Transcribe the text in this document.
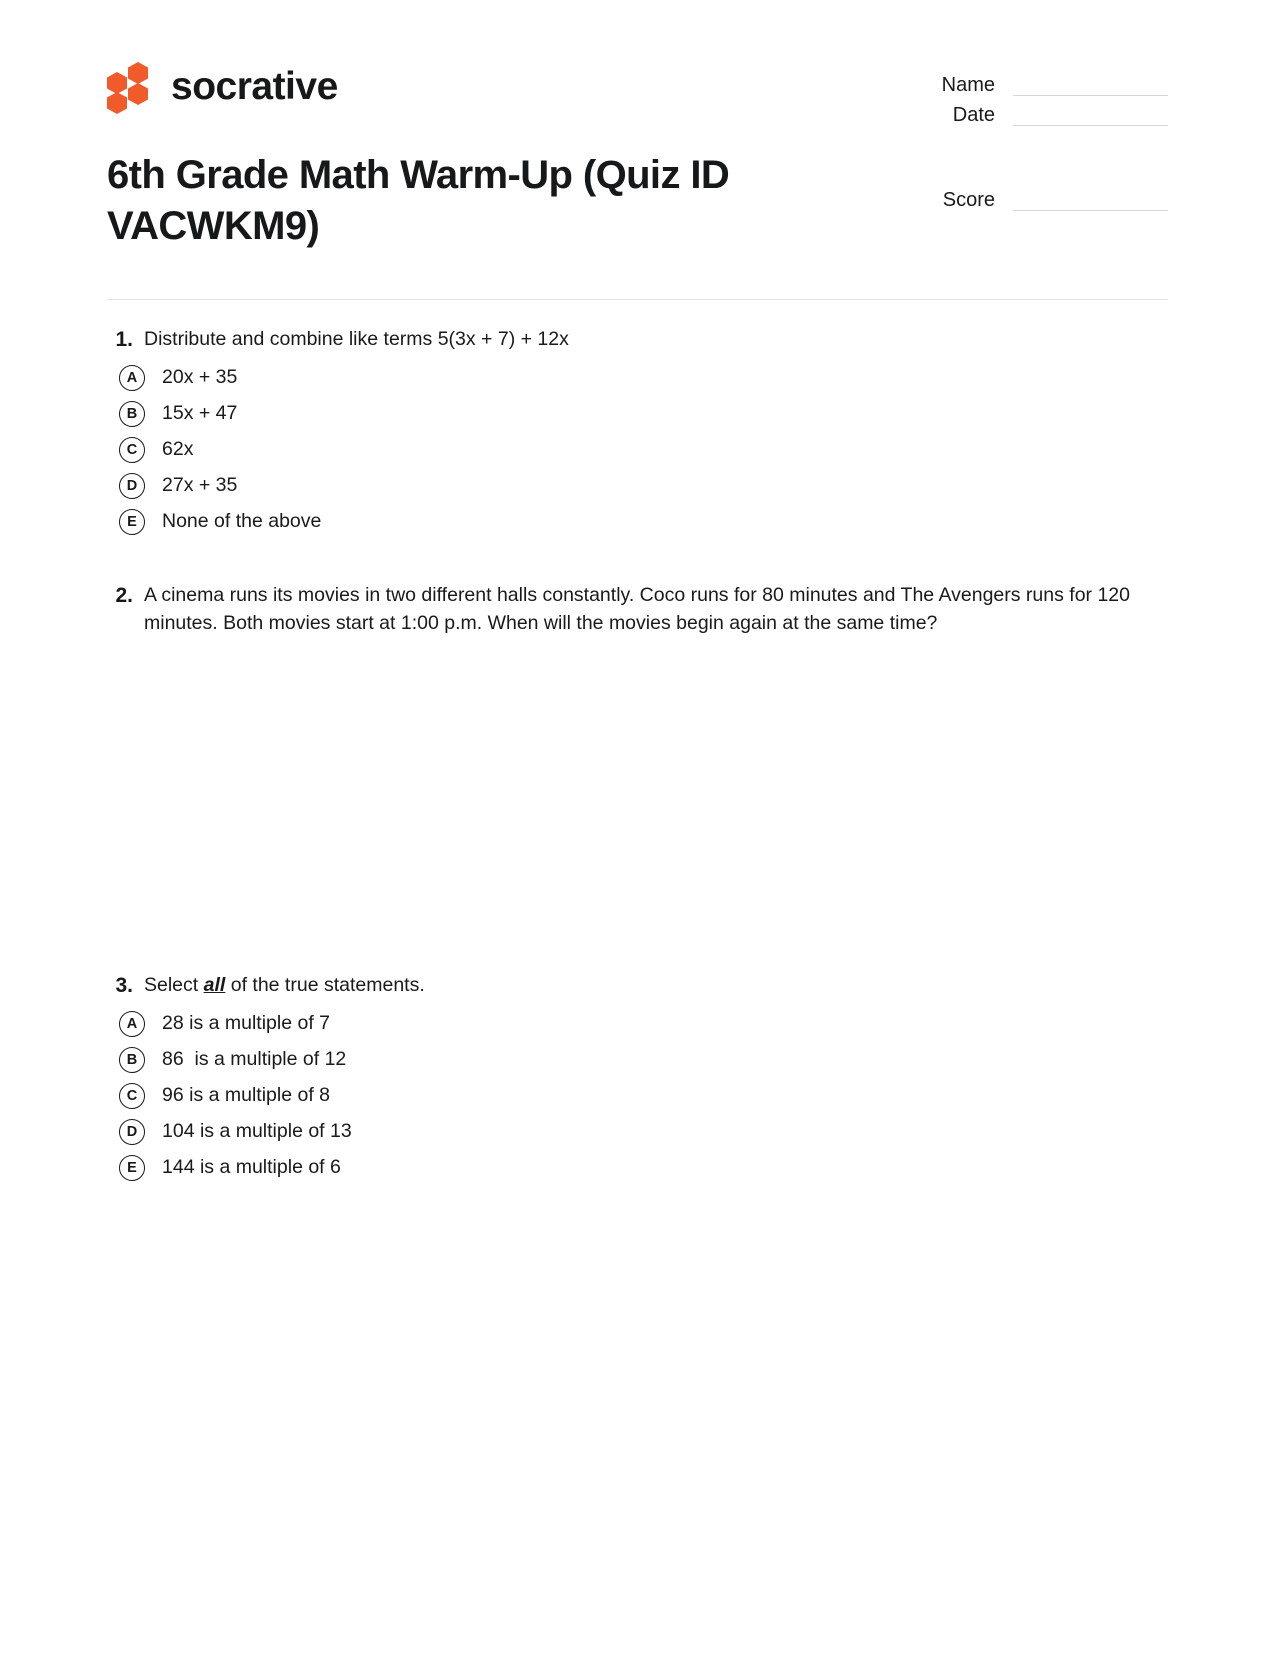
socrative	Name
Date
Score
6th Grade Math Warm-Up (Quiz ID VACWKM9)
1. Distribute and combine like terms 5(3x + 7) + 12x
A	20x + 35
B	15x + 47
C	62x
D	27x + 35
E	None of the above
2. A cinema runs its movies in two different halls constantly. Coco runs for 80 minutes and The Avengers runs for 120 minutes. Both movies start at 1:00 p.m. When will the movies begin again at the same time?
3. Select all of the true statements.
A	28 is a multiple of 7
B	86  is a multiple of 12
C	96 is a multiple of 8
D	104 is a multiple of 13
E	144 is a multiple of 6
